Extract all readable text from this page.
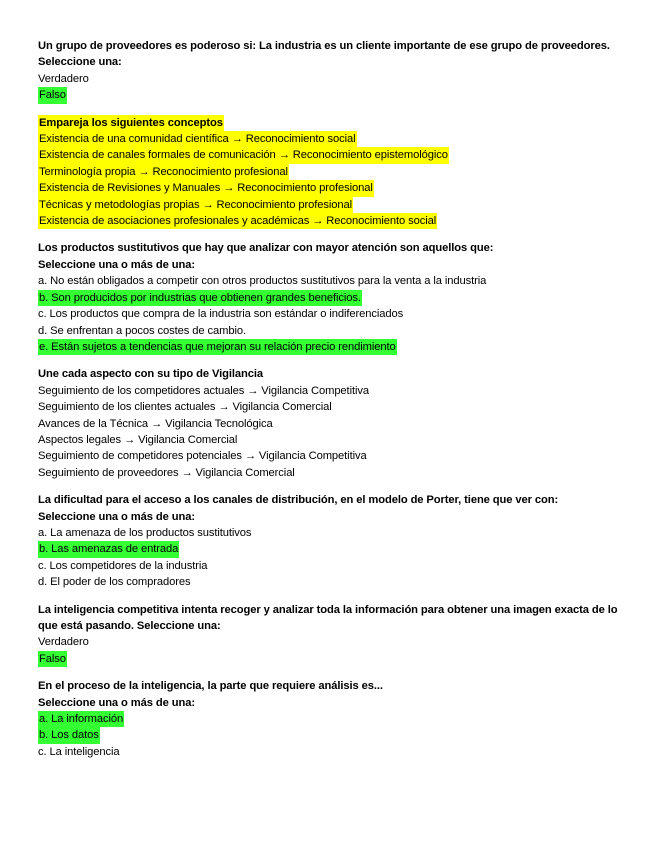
Un grupo de proveedores es poderoso si: La industria es un cliente importante de ese grupo de proveedores.
Seleccione una:
Verdadero
Falso
Empareja los siguientes conceptos
Existencia de una comunidad científica → Reconocimiento social
Existencia de canales formales de comunicación → Reconocimiento epistemológico
Terminología propia → Reconocimiento profesional
Existencia de Revisiones y Manuales → Reconocimiento profesional
Técnicas y metodologías propias → Reconocimiento profesional
Existencia de asociaciones profesionales y académicas → Reconocimiento social
Los productos sustitutivos que hay que analizar con mayor atención son aquellos que:
Seleccione una o más de una:
a. No están obligados a competir con otros productos sustitutivos para la venta a la industria
b. Son producidos por industrias que obtienen grandes beneficios.
c. Los productos que compra de la industria son estándar o indiferenciados
d. Se enfrentan a pocos costes de cambio.
e. Están sujetos a tendencias que mejoran su relación precio rendimiento
Une cada aspecto con su tipo de Vigilancia
Seguimiento de los competidores actuales → Vigilancia Competitiva
Seguimiento de los clientes actuales → Vigilancia Comercial
Avances de la Técnica → Vigilancia Tecnológica
Aspectos legales → Vigilancia Comercial
Seguimiento de competidores potenciales → Vigilancia Competitiva
Seguimiento de proveedores → Vigilancia Comercial
La dificultad para el acceso a los canales de distribución, en el modelo de Porter, tiene que ver con:
Seleccione una o más de una:
a. La amenaza de los productos sustitutivos
b. Las amenazas de entrada
c. Los competidores de la industria
d. El poder de los compradores
La inteligencia competitiva intenta recoger y analizar toda la información para obtener una imagen exacta de lo que está pasando. Seleccione una:
Verdadero
Falso
En el proceso de la inteligencia, la parte que requiere análisis es...
Seleccione una o más de una:
a. La información
b. Los datos
c. La inteligencia
